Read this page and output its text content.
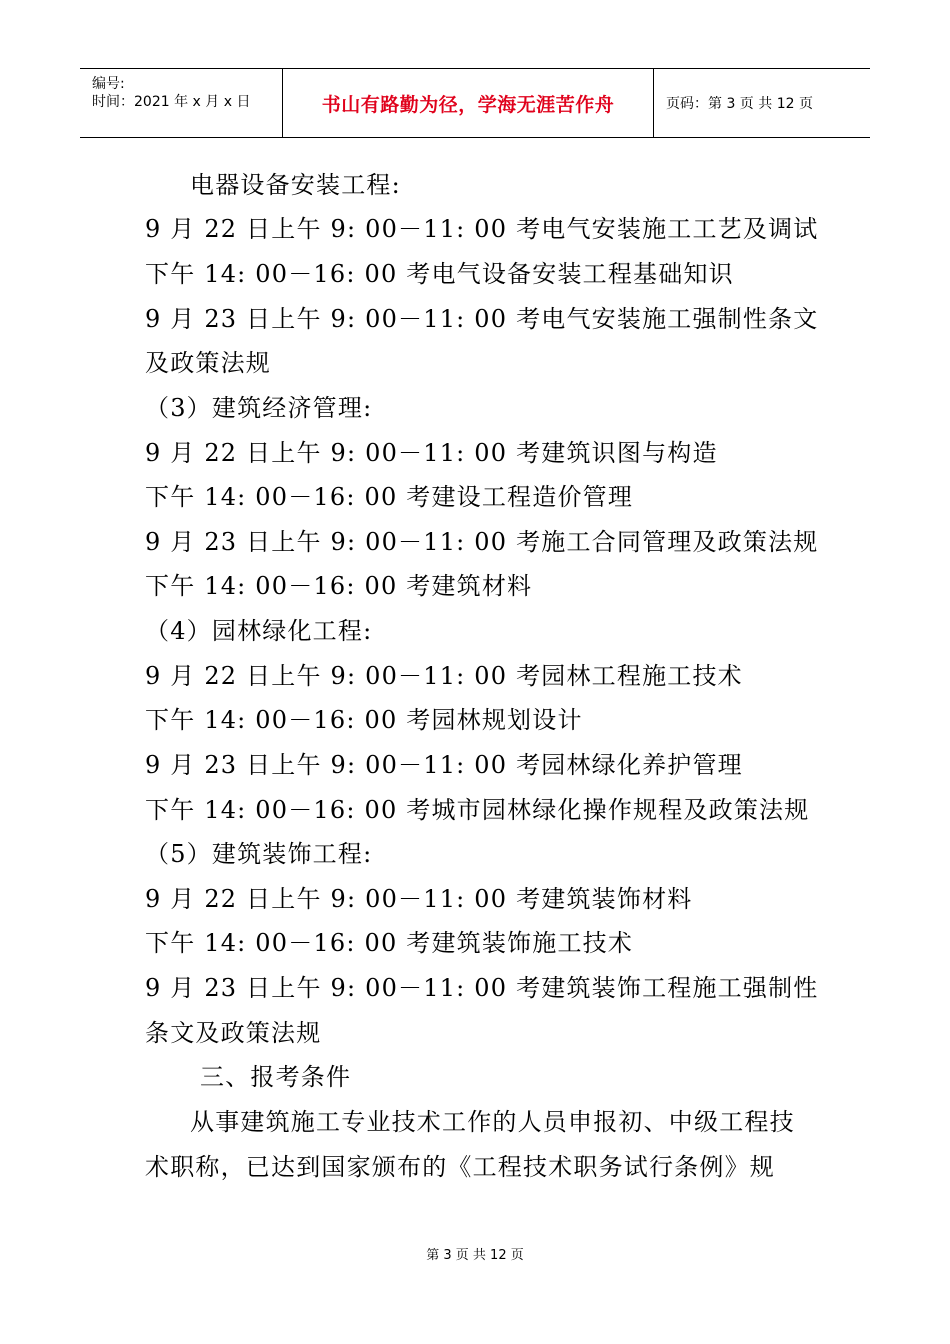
编号:
时间：2021 年 x 月 x 日	书山有路勤为径，学海无涯苦作舟	页码：第 3 页 共 12 页
电器设备安装工程:
9 月 22 日上午 9: 00－11: 00 考电气安装施工工艺及调试
下午 14: 00－16: 00 考电气设备安装工程基础知识
9 月 23 日上午 9: 00－11: 00 考电气安装施工强制性条文
及政策法规
（3）建筑经济管理:
9 月 22 日上午 9: 00－11: 00 考建筑识图与构造
下午 14: 00－16: 00 考建设工程造价管理
9 月 23 日上午 9: 00－11: 00 考施工合同管理及政策法规
下午 14: 00－16: 00 考建筑材料
（4）园林绿化工程:
9 月 22 日上午 9: 00－11: 00 考园林工程施工技术
下午 14: 00－16: 00 考园林规划设计
9 月 23 日上午 9: 00－11: 00 考园林绿化养护管理
下午 14: 00－16: 00 考城市园林绿化操作规程及政策法规
（5）建筑装饰工程:
9 月 22 日上午 9: 00－11: 00 考建筑装饰材料
下午 14: 00－16: 00 考建筑装饰施工技术
9 月 23 日上午 9: 00－11: 00 考建筑装饰工程施工强制性
条文及政策法规
三、报考条件
从事建筑施工专业技术工作的人员申报初、中级工程技
术职称，已达到国家颁布的《工程技术职务试行条例》规
第 3 页 共 12 页
